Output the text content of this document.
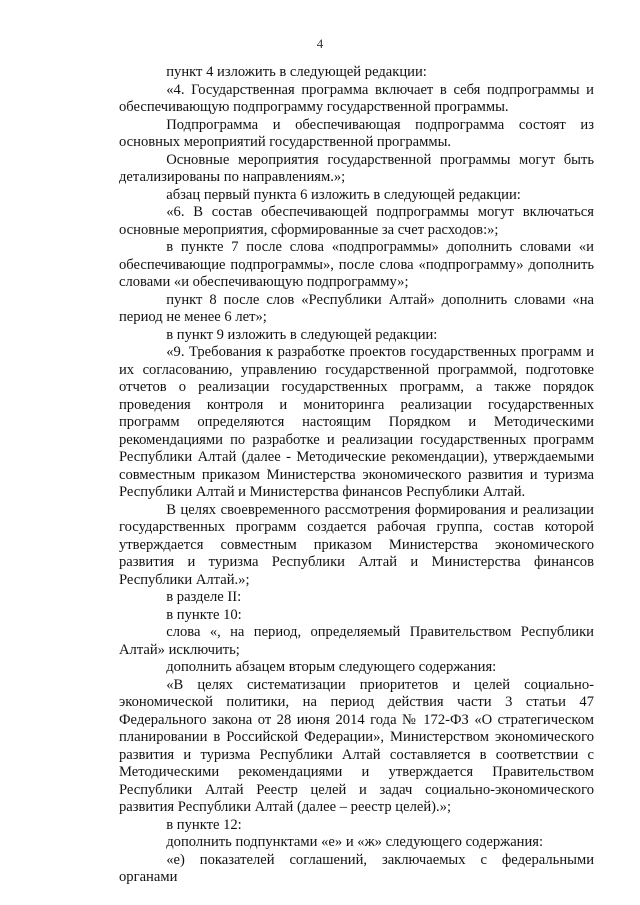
4

пункт 4 изложить в следующей редакции:

«4. Государственная программа включает в себя подпрограммы и обеспечивающую подпрограмму государственной программы.

Подпрограмма и обеспечивающая подпрограмма состоят из основных мероприятий государственной программы.

Основные мероприятия государственной программы могут быть детализированы по направлениям.»;

абзац первый пункта 6 изложить в следующей редакции:

«6. В состав обеспечивающей подпрограммы могут включаться основные мероприятия, сформированные за счет расходов:»;

в пункте 7 после слова «подпрограммы» дополнить словами «и обеспечивающие подпрограммы», после слова «подпрограмму» дополнить словами «и обеспечивающую подпрограмму»;

пункт 8 после слов «Республики Алтай» дополнить словами «на период не менее 6 лет»;

в пункт 9 изложить в следующей редакции:

«9. Требования к разработке проектов государственных программ и их согласованию, управлению государственной программой, подготовке отчетов о реализации государственных программ, а также порядок проведения контроля и мониторинга реализации государственных программ определяются настоящим Порядком и Методическими рекомендациями по разработке и реализации государственных программ Республики Алтай (далее - Методические рекомендации), утверждаемыми совместным приказом Министерства экономического развития и туризма Республики Алтай и Министерства финансов Республики Алтай.

В целях своевременного рассмотрения формирования и реализации государственных программ создается рабочая группа, состав которой утверждается совместным приказом Министерства экономического развития и туризма Республики Алтай и Министерства финансов Республики Алтай.»;

в разделе II:

в пункте 10:

слова «, на период, определяемый Правительством Республики Алтай» исключить;

дополнить абзацем вторым следующего содержания:

«В целях систематизации приоритетов и целей социально-экономической политики, на период действия части 3 статьи 47 Федерального закона от 28 июня 2014 года № 172-ФЗ «О стратегическом планировании в Российской Федерации», Министерством экономического развития и туризма Республики Алтай составляется в соответствии с Методическими рекомендациями и утверждается Правительством Республики Алтай Реестр целей и задач социально-экономического развития Республики Алтай (далее – реестр целей).»;

в пункте 12:

дополнить подпунктами «е» и «ж» следующего содержания:

«е) показателей соглашений, заключаемых с федеральными органами
